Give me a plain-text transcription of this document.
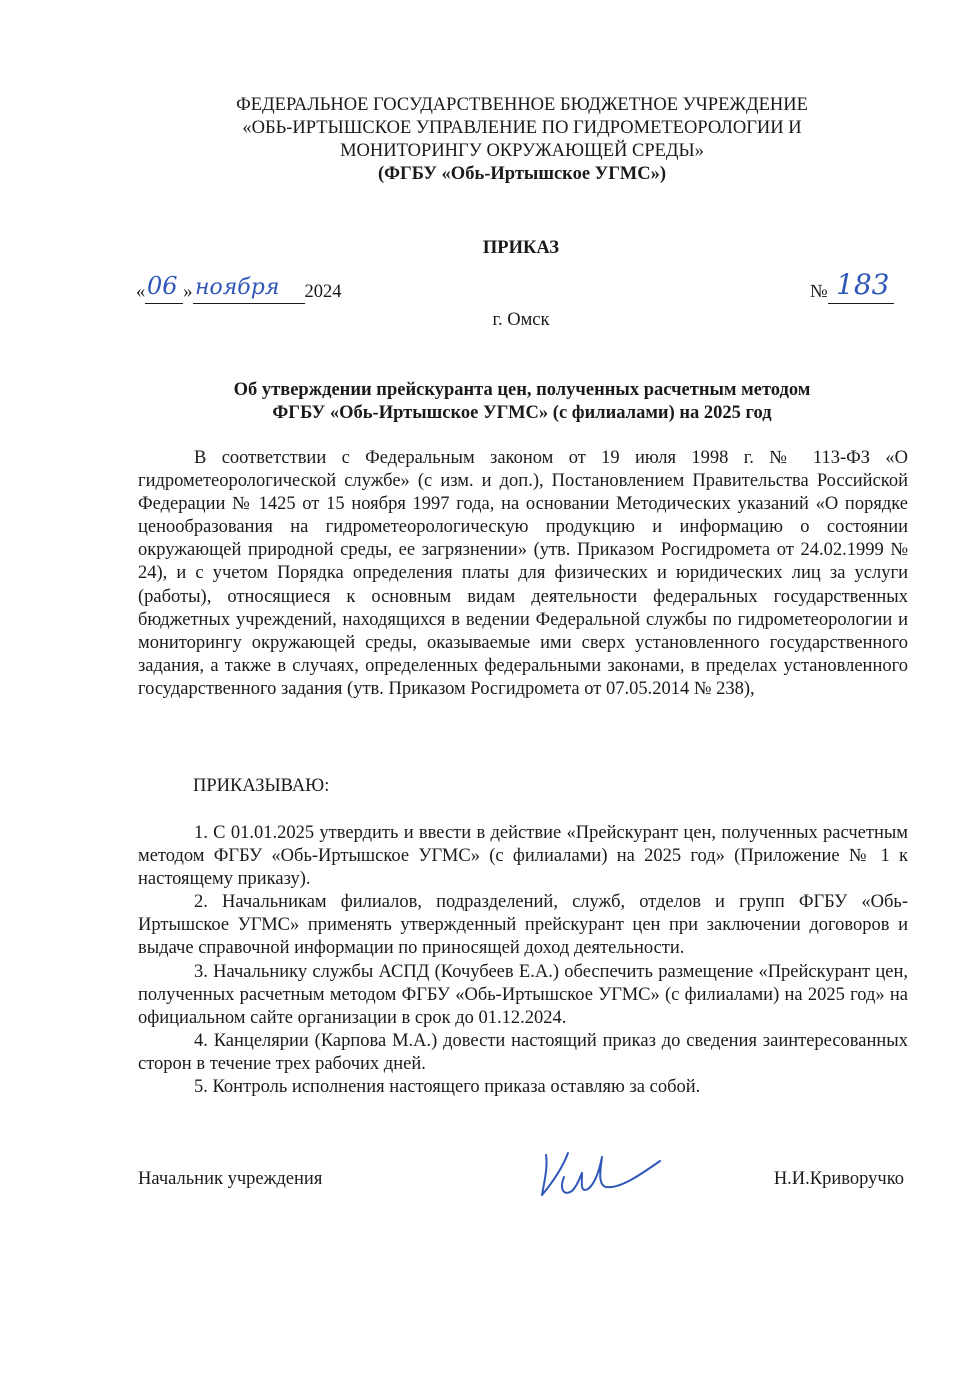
ФЕДЕРАЛЬНОЕ ГОСУДАРСТВЕННОЕ БЮДЖЕТНОЕ УЧРЕЖДЕНИЕ
«ОБЬ-ИРТЫШСКОЕ УПРАВЛЕНИЕ ПО ГИДРОМЕТЕОРОЛОГИИ И
МОНИТОРИНГУ ОКРУЖАЮЩЕЙ СРЕДЫ»
(ФГБУ «Обь-Иртышское УГМС»)
ПРИКАЗ
« 06 » ноября 2024	№ 183
г. Омск
Об утверждении прейскуранта цен, полученных расчетным методом
ФГБУ «Обь-Иртышское УГМС» (с филиалами) на 2025 год
В соответствии с Федеральным законом от 19 июля 1998 г. № 113-ФЗ «О гидрометеорологической службе» (с изм. и доп.), Постановлением Правительства Российской Федерации № 1425 от 15 ноября 1997 года, на основании Методических указаний «О порядке ценообразования на гидрометеорологическую продукцию и информацию о состоянии окружающей природной среды, ее загрязнении» (утв. Приказом Росгидромета от 24.02.1999 № 24), и с учетом Порядка определения платы для физических и юридических лиц за услуги (работы), относящиеся к основным видам деятельности федеральных государственных бюджетных учреждений, находящихся в ведении Федеральной службы по гидрометеорологии и мониторингу окружающей среды, оказываемые ими сверх установленного государственного задания, а также в случаях, определенных федеральными законами, в пределах установленного государственного задания (утв. Приказом Росгидромета от 07.05.2014 № 238),
ПРИКАЗЫВАЮ:

1. С 01.01.2025 утвердить и ввести в действие «Прейскурант цен, полученных расчетным методом ФГБУ «Обь-Иртышское УГМС» (с филиалами) на 2025 год» (Приложение № 1 к настоящему приказу).

2. Начальникам филиалов, подразделений, служб, отделов и групп ФГБУ «Обь-Иртышское УГМС» применять утвержденный прейскурант цен при заключении договоров и выдаче справочной информации по приносящей доход деятельности.

3. Начальнику службы АСПД (Кочубеев Е.А.) обеспечить размещение «Прейскурант цен, полученных расчетным методом ФГБУ «Обь-Иртышское УГМС» (с филиалами) на 2025 год» на официальном сайте организации в срок до 01.12.2024.

4. Канцелярии (Карпова М.А.) довести настоящий приказ до сведения заинтересованных сторон в течение трех рабочих дней.

5. Контроль исполнения настоящего приказа оставляю за собой.

Начальник учреждения	Н.И.Криворучко
